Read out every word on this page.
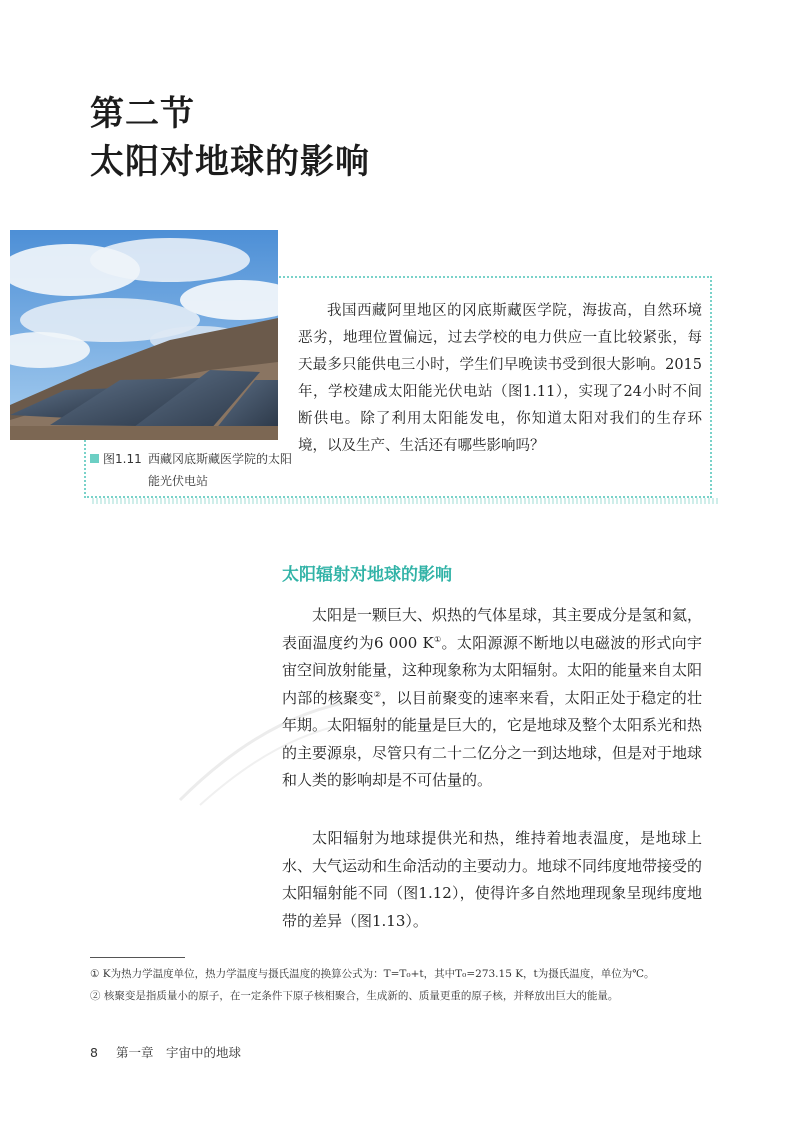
第二节
太阳对地球的影响
图1.11 西藏冈底斯藏医学院的太阳能光伏电站

我国西藏阿里地区的冈底斯藏医学院，海拔高，自然环境恶劣，地理位置偏远，过去学校的电力供应一直比较紧张，每天最多只能供电三小时，学生们早晚读书受到很大影响。2015年，学校建成太阳能光伏电站（图1.11），实现了24小时不间断供电。除了利用太阳能发电，你知道太阳对我们的生存环境，以及生产、生活还有哪些影响吗？

太阳辐射对地球的影响

太阳是一颗巨大、炽热的气体星球，其主要成分是氢和氦，表面温度约为6 000 K①。太阳源源不断地以电磁波的形式向宇宙空间放射能量，这种现象称为太阳辐射。太阳的能量来自太阳内部的核聚变②，以目前聚变的速率来看，太阳正处于稳定的壮年期。太阳辐射的能量是巨大的，它是地球及整个太阳系光和热的主要源泉，尽管只有二十二亿分之一到达地球，但是对于地球和人类的影响却是不可估量的。

太阳辐射为地球提供光和热，维持着地表温度，是地球上水、大气运动和生命活动的主要动力。地球不同纬度地带接受的太阳辐射能不同（图1.12），使得许多自然地理现象呈现纬度地带的差异（图1.13）。

① K为热力学温度单位，热力学温度与摄氏温度的换算公式为：T=T₀+t，其中T₀=273.15 K，t为摄氏温度，单位为℃。
② 核聚变是指质量小的原子，在一定条件下原子核相聚合，生成新的、质量更重的原子核，并释放出巨大的能量。
8 第一章　宇宙中的地球
